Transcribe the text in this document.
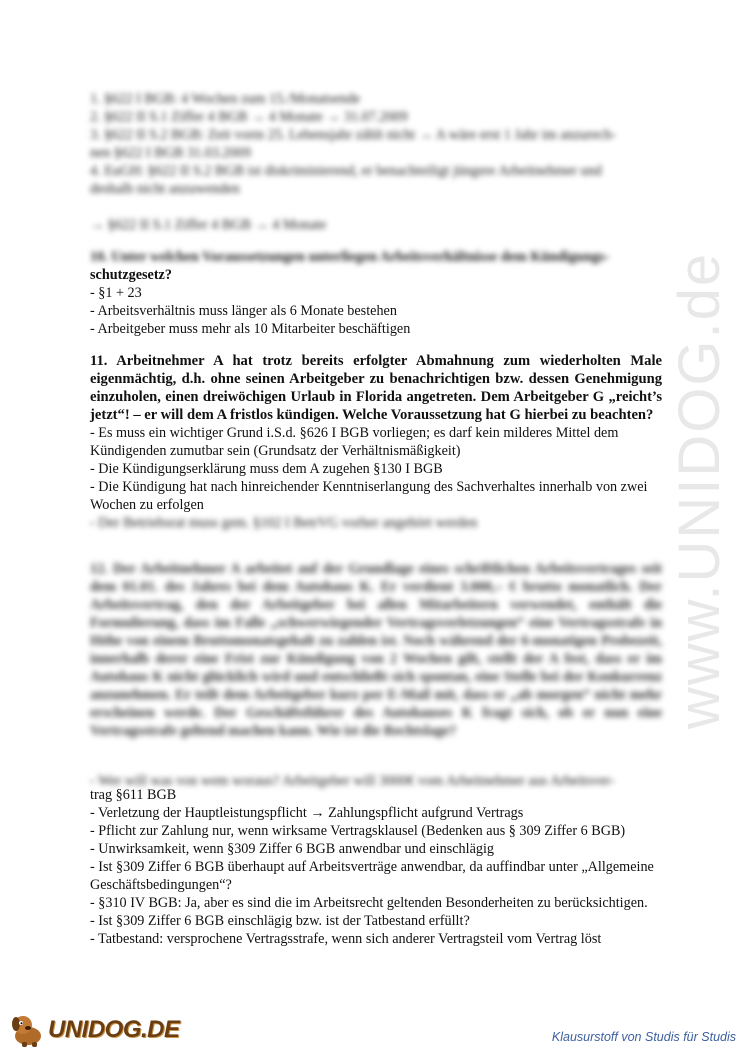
www.UNIDOG.de
1. §622 I BGB: 4 Wochen zum 15./Monatsende
2. §622 II S.1 Ziffer 4 BGB → 4 Monate → 31.07.2009
3. §622 II S.2 BGB: Zeit vorm 25. Lebensjahr zählt nicht → A wäre erst 1 Jahr im anzurech-
nen §622 I BGB 31.03.2009
4. EuGH: §622 II S.2 BGB ist diskriminierend, er benachteiligt jüngere Arbeitnehmer und
deshalb nicht anzuwenden
→ §622 II S.1 Ziffer 4 BGB → 4 Monate
10. Unter welchen Voraussetzungen unterliegen Arbeitsverhältnisse dem Kündigungs-
schutzgesetz?
- §1 + 23
- Arbeitsverhältnis muss länger als 6 Monate bestehen
- Arbeitgeber muss mehr als 10 Mitarbeiter beschäftigen
11. Arbeitnehmer A hat trotz bereits erfolgter Abmahnung zum wiederholten Male eigenmächtig, d.h. ohne seinen Arbeitgeber zu benachrichtigen bzw. dessen Genehmigung einzuholen, einen dreiwöchigen Urlaub in Florida angetreten. Dem Arbeitgeber G „reicht’s jetzt“! – er will dem A fristlos kündigen. Welche Voraussetzung hat G hierbei zu beachten?
- Es muss ein wichtiger Grund i.S.d. §626 I BGB vorliegen; es darf kein milderes Mittel dem Kündigenden zumutbar sein (Grundsatz der Verhältnismäßigkeit)
- Die Kündigungserklärung muss dem A zugehen §130 I BGB
- Die Kündigung hat nach hinreichender Kenntniserlangung des Sachverhaltes innerhalb von zwei Wochen zu erfolgen
- Der Betriebsrat muss gem. §102 I BetrVG vorher angehört werden
12. Der Arbeitnehmer A arbeitet auf der Grundlage eines schriftlichen Arbeitsvertrages seit dem 01.01. des Jahres bei dem Autohaus K. Er verdient 3.000,– € brutto monatlich. Der Arbeitsvertrag, den der Arbeitgeber bei allen Mitarbeitern verwendet, enthält die Formulierung, dass im Falle „schwerwiegender Vertragsverletzungen“ eine Vertragsstrafe in Höhe von einem Bruttomonatsgehalt zu zahlen ist. Noch während der 6-monatigen Probezeit, innerhalb derer eine Frist zur Kündigung von 2 Wochen gilt, stellt der A fest, dass er im Autohaus K nicht glücklich wird und entschließt sich spontan, eine Stelle bei der Konkurrenz anzunehmen. Er teilt dem Arbeitgeber kurz per E-Mail mit, dass er „ab morgen“ nicht mehr erscheinen werde. Der Geschäftsführer des Autohauses K fragt sich, ob er nun eine Vertragsstrafe geltend machen kann. Wie ist die Rechtslage?
- Wer will was von wem woraus? Arbeitgeber will 3000€ vom Arbeitnehmer aus Arbeitsver-
trag §611 BGB
- Verletzung der Hauptleistungspflicht → Zahlungspflicht aufgrund Vertrags
- Pflicht zur Zahlung nur, wenn wirksame Vertragsklausel (Bedenken aus § 309 Ziffer 6 BGB)
- Unwirksamkeit, wenn §309 Ziffer 6 BGB anwendbar und einschlägig
- Ist §309 Ziffer 6 BGB überhaupt auf Arbeitsverträge anwendbar, da auffindbar unter „Allgemeine Geschäftsbedingungen“?
- §310 IV BGB: Ja, aber es sind die im Arbeitsrecht geltenden Besonderheiten zu berücksichtigen.
- Ist §309 Ziffer 6 BGB einschlägig bzw. ist der Tatbestand erfüllt?
- Tatbestand: versprochene Vertragsstrafe, wenn sich anderer Vertragsteil vom Vertrag löst
UNIDOG.DE	Klausurstoff von Studis für Studis
